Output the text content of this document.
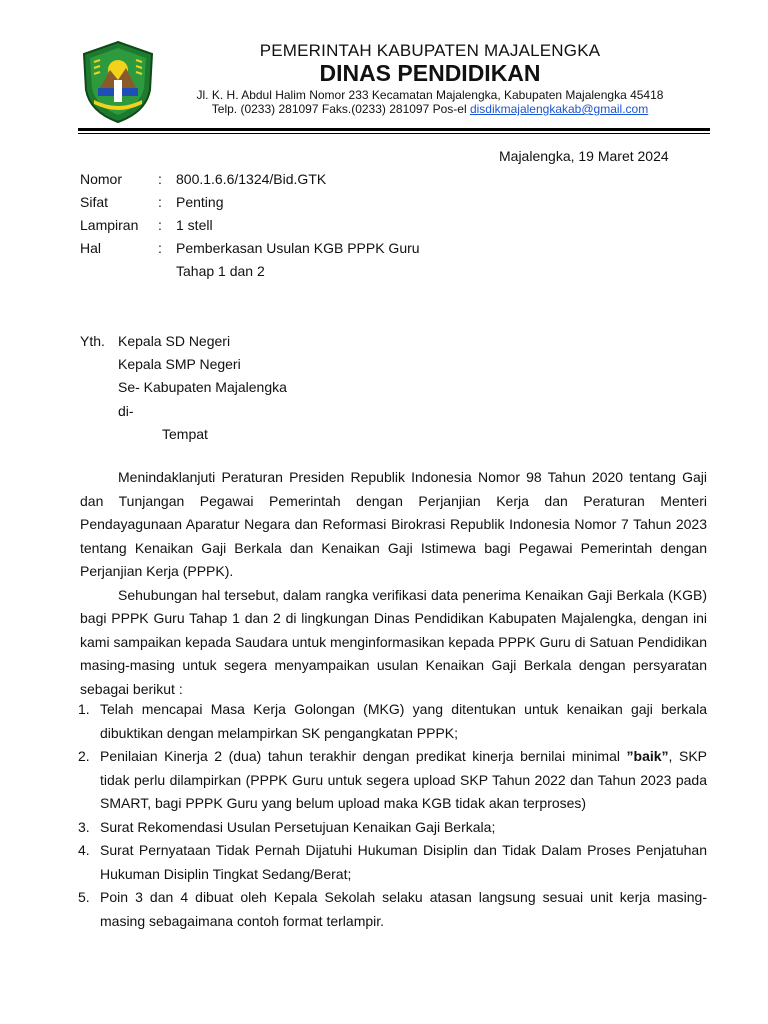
PEMERINTAH KABUPATEN MAJALENGKA
DINAS PENDIDIKAN
Jl. K. H. Abdul Halim Nomor 233 Kecamatan Majalengka, Kabupaten Majalengka 45418
Telp. (0233) 281097 Faks.(0233) 281097 Pos-el disdikmajalengkakab@gmail.com
Majalengka, 19 Maret 2024
Nomor	: 800.1.6.6/1324/Bid.GTK
Sifat	: Penting
Lampiran : 1 stell
Hal	: Pemberkasan Usulan KGB PPPK Guru
Tahap 1 dan 2
Yth. Kepala SD Negeri
Kepala SMP Negeri
Se- Kabupaten Majalengka
di-
Tempat

Menindaklanjuti Peraturan Presiden Republik Indonesia Nomor 98 Tahun 2020 tentang Gaji dan Tunjangan Pegawai Pemerintah dengan Perjanjian Kerja dan Peraturan Menteri Pendayagunaan Aparatur Negara dan Reformasi Birokrasi Republik Indonesia Nomor 7 Tahun 2023 tentang Kenaikan Gaji Berkala dan Kenaikan Gaji Istimewa bagi Pegawai Pemerintah dengan Perjanjian Kerja (PPPK).

Sehubungan hal tersebut, dalam rangka verifikasi data penerima Kenaikan Gaji Berkala (KGB) bagi PPPK Guru Tahap 1 dan 2 di lingkungan Dinas Pendidikan Kabupaten Majalengka, dengan ini kami sampaikan kepada Saudara untuk menginformasikan kepada PPPK Guru di Satuan Pendidikan masing-masing untuk segera menyampaikan usulan Kenaikan Gaji Berkala dengan persyaratan sebagai berikut :

1. Telah mencapai Masa Kerja Golongan (MKG) yang ditentukan untuk kenaikan gaji berkala dibuktikan dengan melampirkan SK pengangkatan PPPK;
2. Penilaian Kinerja 2 (dua) tahun terakhir dengan predikat kinerja bernilai minimal ”baik”, SKP tidak perlu dilampirkan (PPPK Guru untuk segera upload SKP Tahun 2022 dan Tahun 2023 pada SMART, bagi PPPK Guru yang belum upload maka KGB tidak akan terproses)
3. Surat Rekomendasi Usulan Persetujuan Kenaikan Gaji Berkala;
4. Surat Pernyataan Tidak Pernah Dijatuhi Hukuman Disiplin dan Tidak Dalam Proses Penjatuhan Hukuman Disiplin Tingkat Sedang/Berat;
5. Poin 3 dan 4 dibuat oleh Kepala Sekolah selaku atasan langsung sesuai unit kerja masing-masing sebagaimana contoh format terlampir.
